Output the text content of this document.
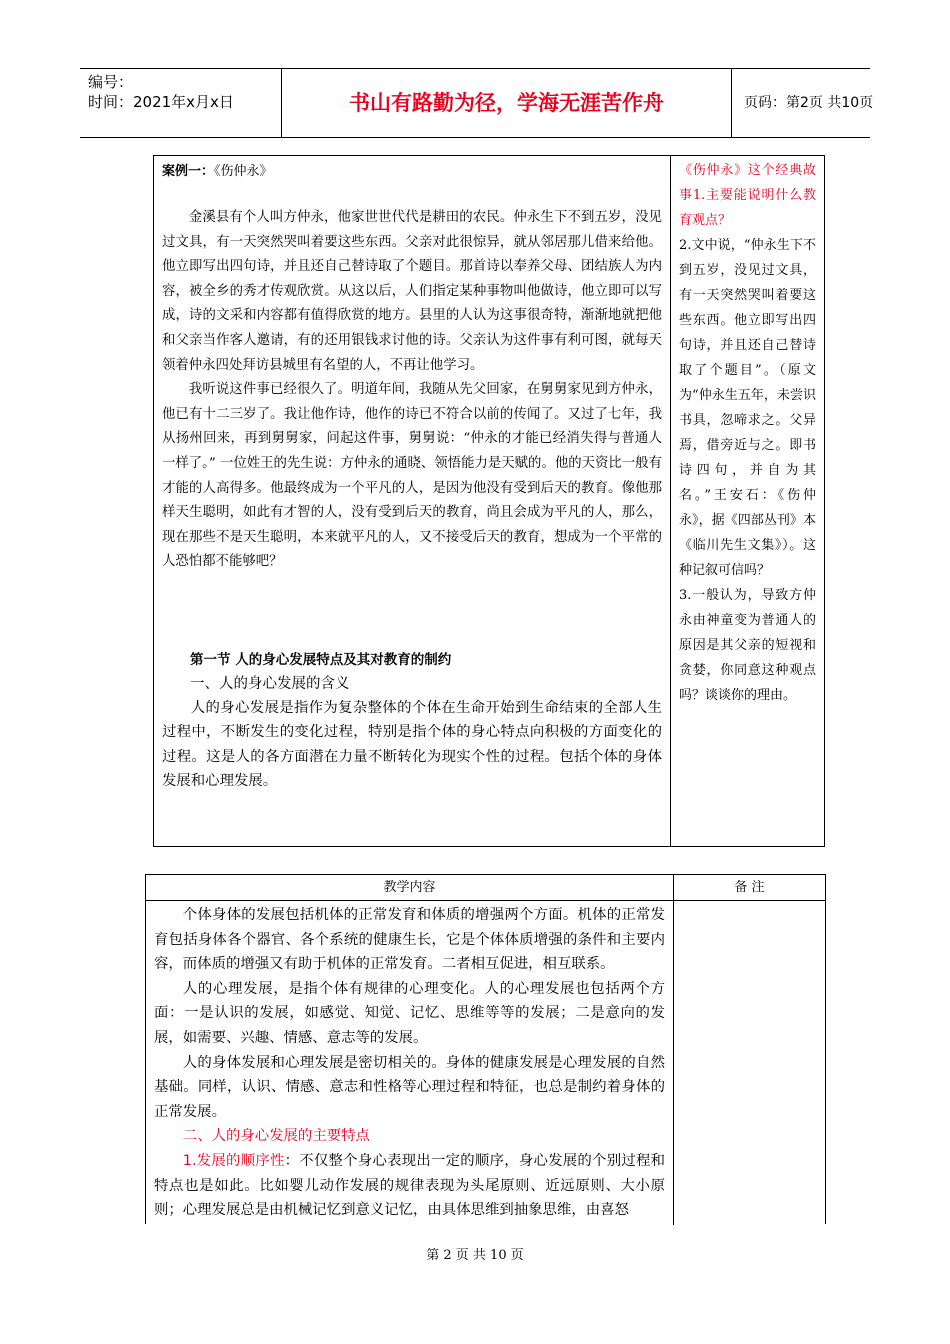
编号：
时间：2021年x月x日	书山有路勤为径，学海无涯苦作舟	页码：第2页 共10页
案例一：《伤仲永》

金溪县有个人叫方仲永，他家世世代代是耕田的农民。仲永生下不到五岁，没见过文具，有一天突然哭叫着要这些东西。父亲对此很惊异，就从邻居那儿借来给他。他立即写出四句诗，并且还自己替诗取了个题目。那首诗以奉养父母、团结族人为内容，被全乡的秀才传观欣赏。从这以后，人们指定某种事物叫他做诗，他立即可以写成，诗的文采和内容都有值得欣赏的地方。县里的人认为这事很奇特，渐渐地就把他和父亲当作客人邀请，有的还用银钱求讨他的诗。父亲认为这件事有利可图，就每天领着仲永四处拜访县城里有名望的人，不再让他学习。

我听说这件事已经很久了。明道年间，我随从先父回家，在舅舅家见到方仲永，他已有十二三岁了。我让他作诗，他作的诗已不符合以前的传闻了。又过了七年，我从扬州回来，再到舅舅家，问起这件事，舅舅说：“仲永的才能已经消失得与普通人一样了。” 一位姓王的先生说：方仲永的通晓、领悟能力是天赋的。他的天资比一般有才能的人高得多。他最终成为一个平凡的人，是因为他没有受到后天的教育。像他那样天生聪明，如此有才智的人，没有受到后天的教育，尚且会成为平凡的人，那么，现在那些不是天生聪明，本来就平凡的人，又不接受后天的教育，想成为一个平常的人恐怕都不能够吧？

第一节 人的身心发展特点及其对教育的制约
一、人的身心发展的含义

人的身心发展是指作为复杂整体的个体在生命开始到生命结束的全部人生过程中，不断发生的变化过程，特别是指个体的身心特点向积极的方面变化的过程。这是人的各方面潜在力量不断转化为现实个性的过程。包括个体的身体发展和心理发展。

《伤仲永》这个经典故事1.主要能说明什么教育观点？
2.文中说，“仲永生下不到五岁，没见过文具，有一天突然哭叫着要这些东西。他立即写出四句诗，并且还自己替诗取了个题目”。（原文为“仲永生五年，未尝识书具，忽啼求之。父异焉，借旁近与之。即书诗四句，并自为其名。”王安石：《伤仲永》，据《四部丛刊》本《临川先生文集》）。这种记叙可信吗？
3.一般认为，导致方仲永由神童变为普通人的原因是其父亲的短视和贪婪，你同意这种观点吗？谈谈你的理由。
教学内容	备 注

个体身体的发展包括机体的正常发育和体质的增强两个方面。机体的正常发育包括身体各个器官、各个系统的健康生长，它是个体体质增强的条件和主要内容，而体质的增强又有助于机体的正常发育。二者相互促进，相互联系。

人的心理发展，是指个体有规律的心理变化。人的心理发展也包括两个方面：一是认识的发展，如感觉、知觉、记忆、思维等等的发展；二是意向的发展，如需要、兴趣、情感、意志等的发展。

人的身体发展和心理发展是密切相关的。身体的健康发展是心理发展的自然基础。同样，认识、情感、意志和性格等心理过程和特征，也总是制约着身体的正常发展。

二、人的身心发展的主要特点

1.发展的顺序性：不仅整个身心表现出一定的顺序，身心发展的个别过程和特点也是如此。比如婴儿动作发展的规律表现为头尾原则、近远原则、大小原则；心理发展总是由机械记忆到意义记忆，由具体思维到抽象思维，由喜怒

第 2 页 共 10 页
